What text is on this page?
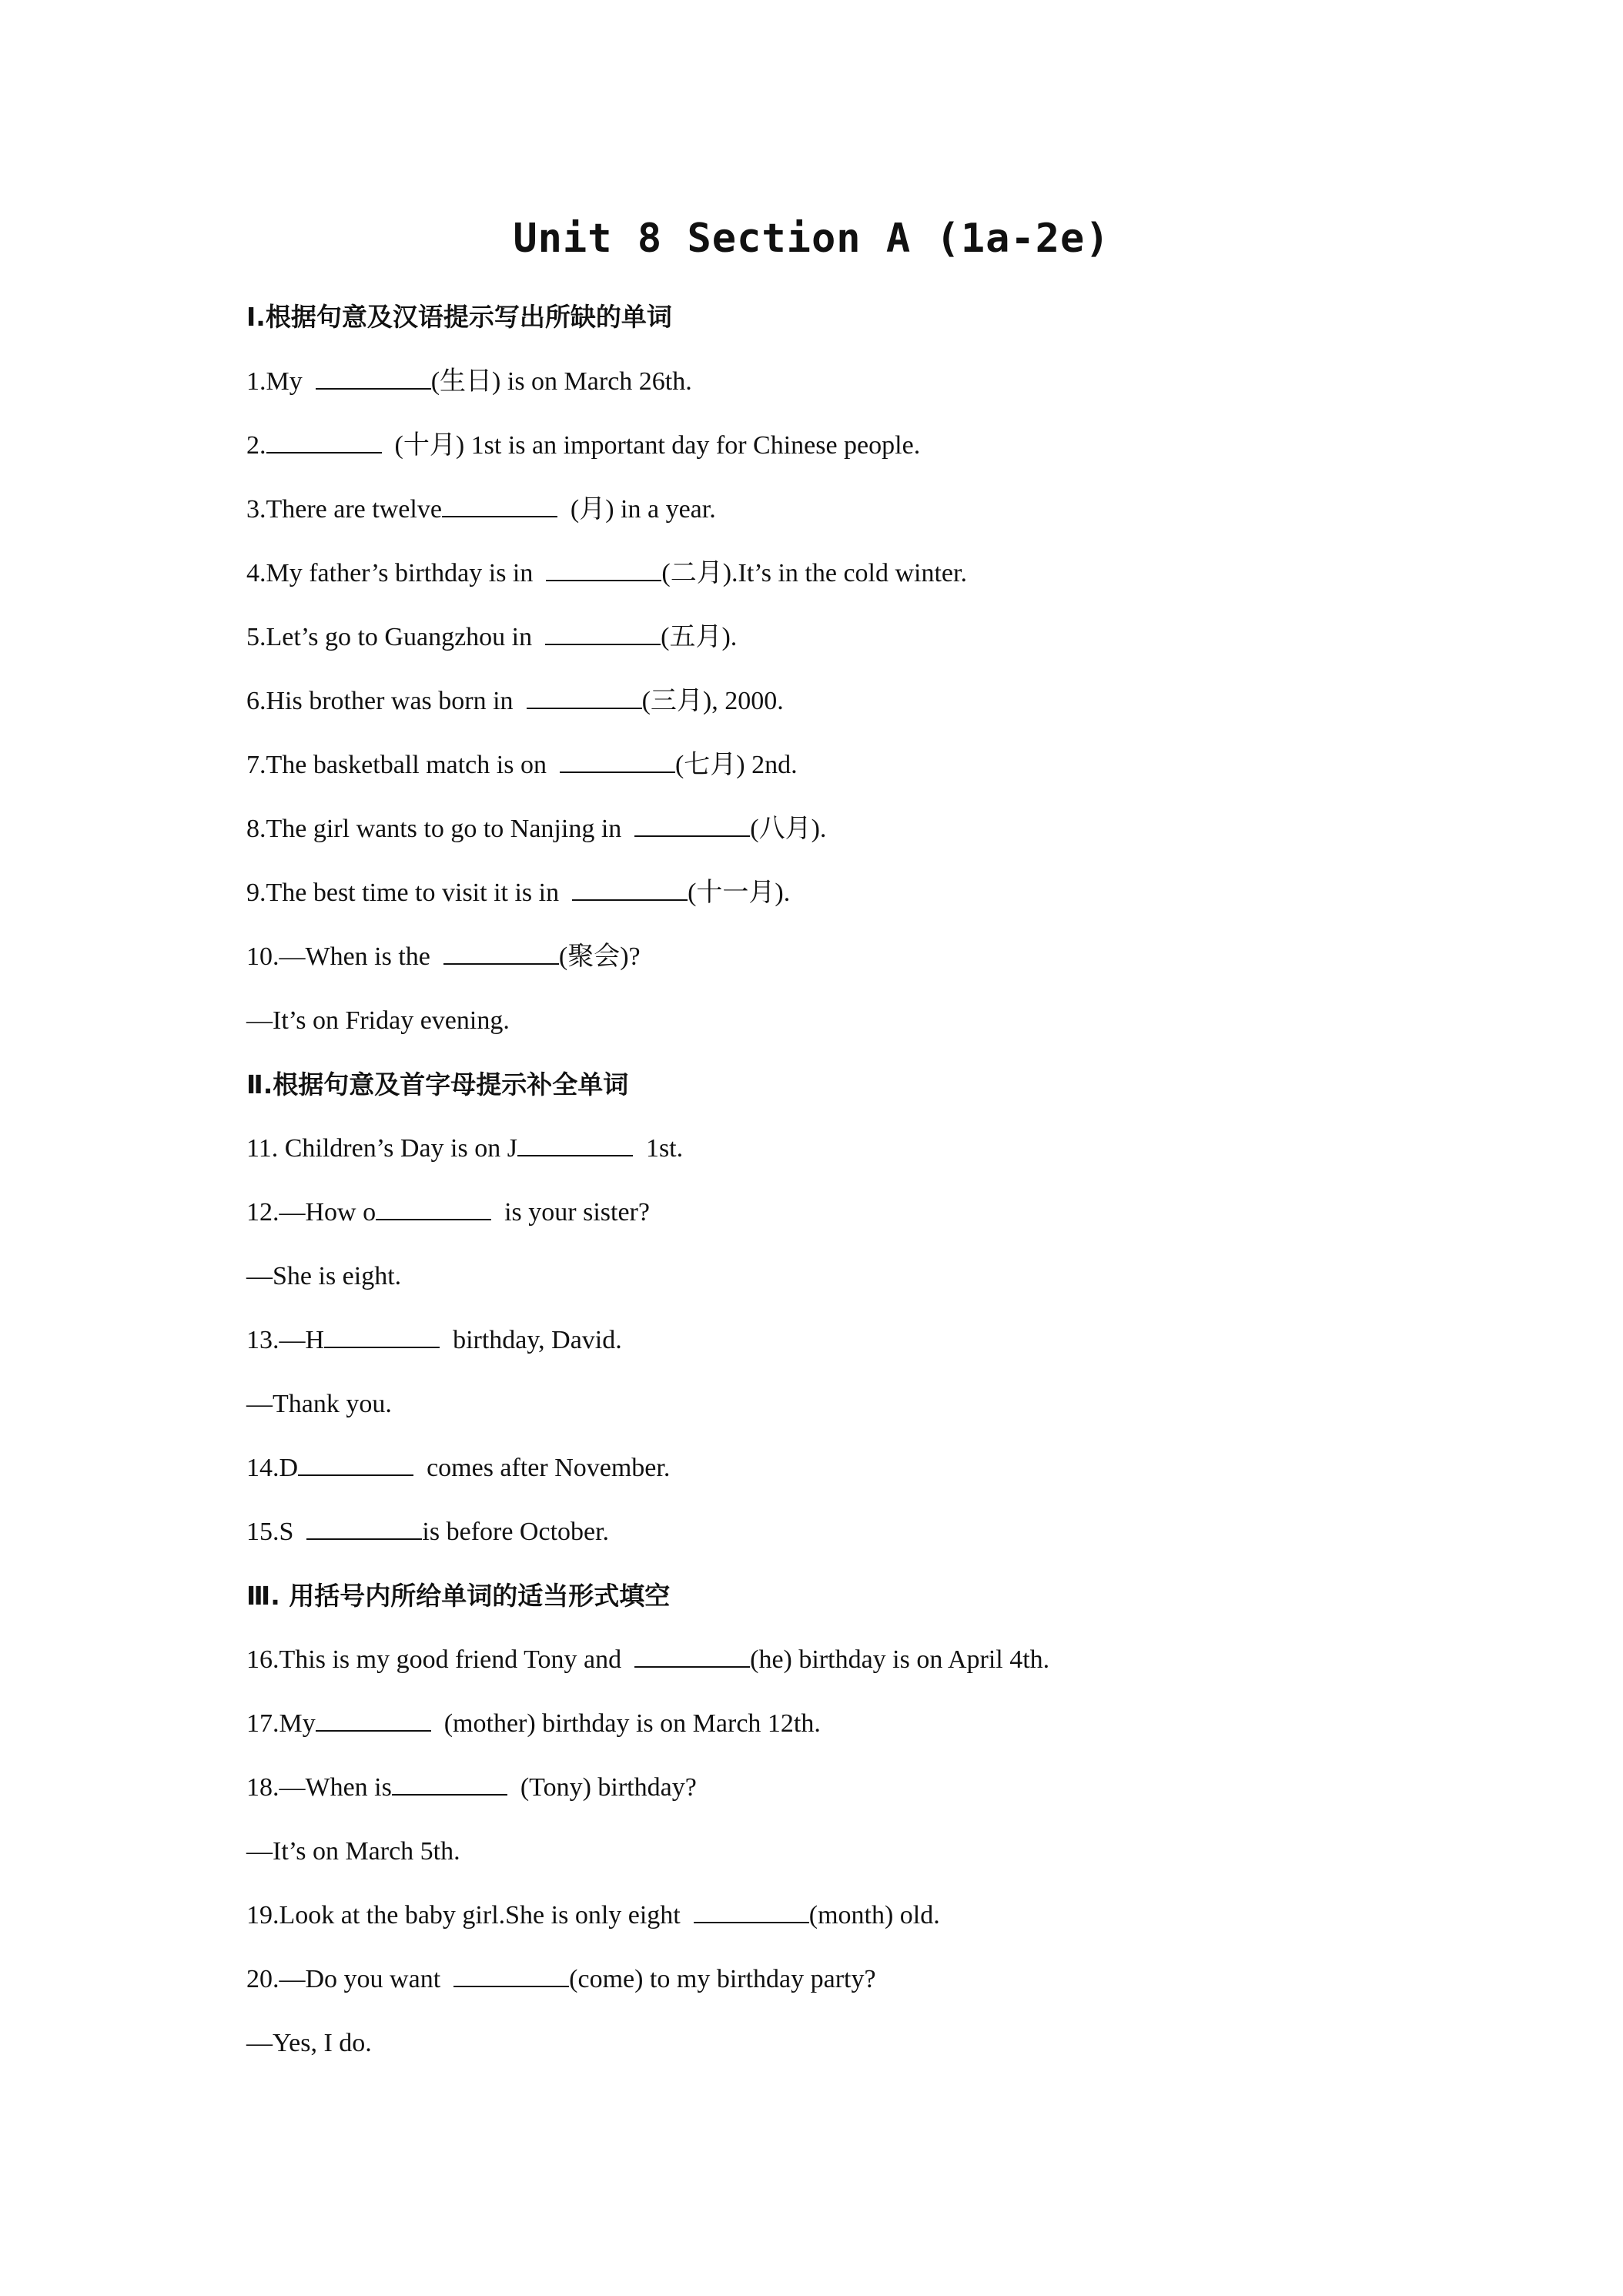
Unit 8 Section A (1a-2e)
Ⅰ.根据句意及汉语提示写出所缺的单词
1.My	(生日) is on March 26th.
2.	(十月) 1st is an important day for Chinese people.
3.There are twelve	(月) in a year.
4.My father’s birthday is in	(二月).It’s in the cold winter.
5.Let’s go to Guangzhou in	(五月).
6.His brother was born in	(三月), 2000.
7.The basketball match is on	(七月) 2nd.
8.The girl wants to go to Nanjing in	(八月).
9.The best time to visit it is in	(十一月).
10.—When is the	(聚会)?
—It’s on Friday evening.
Ⅱ.根据句意及首字母提示补全单词
11. Children’s Day is on J	1st.
12.—How o	is your sister?
—She is eight.
13.—H	birthday, David.
—Thank you.
14.D	comes after November.
15.S	is before October.
Ⅲ. 用括号内所给单词的适当形式填空
16.This is my good friend Tony and	(he) birthday is on April 4th.
17.My	(mother) birthday is on March 12th.
18.—When is	(Tony) birthday?
—It’s on March 5th.
19.Look at the baby girl.She is only eight	(month) old.
20.—Do you want	(come) to my birthday party?
—Yes, I do.
